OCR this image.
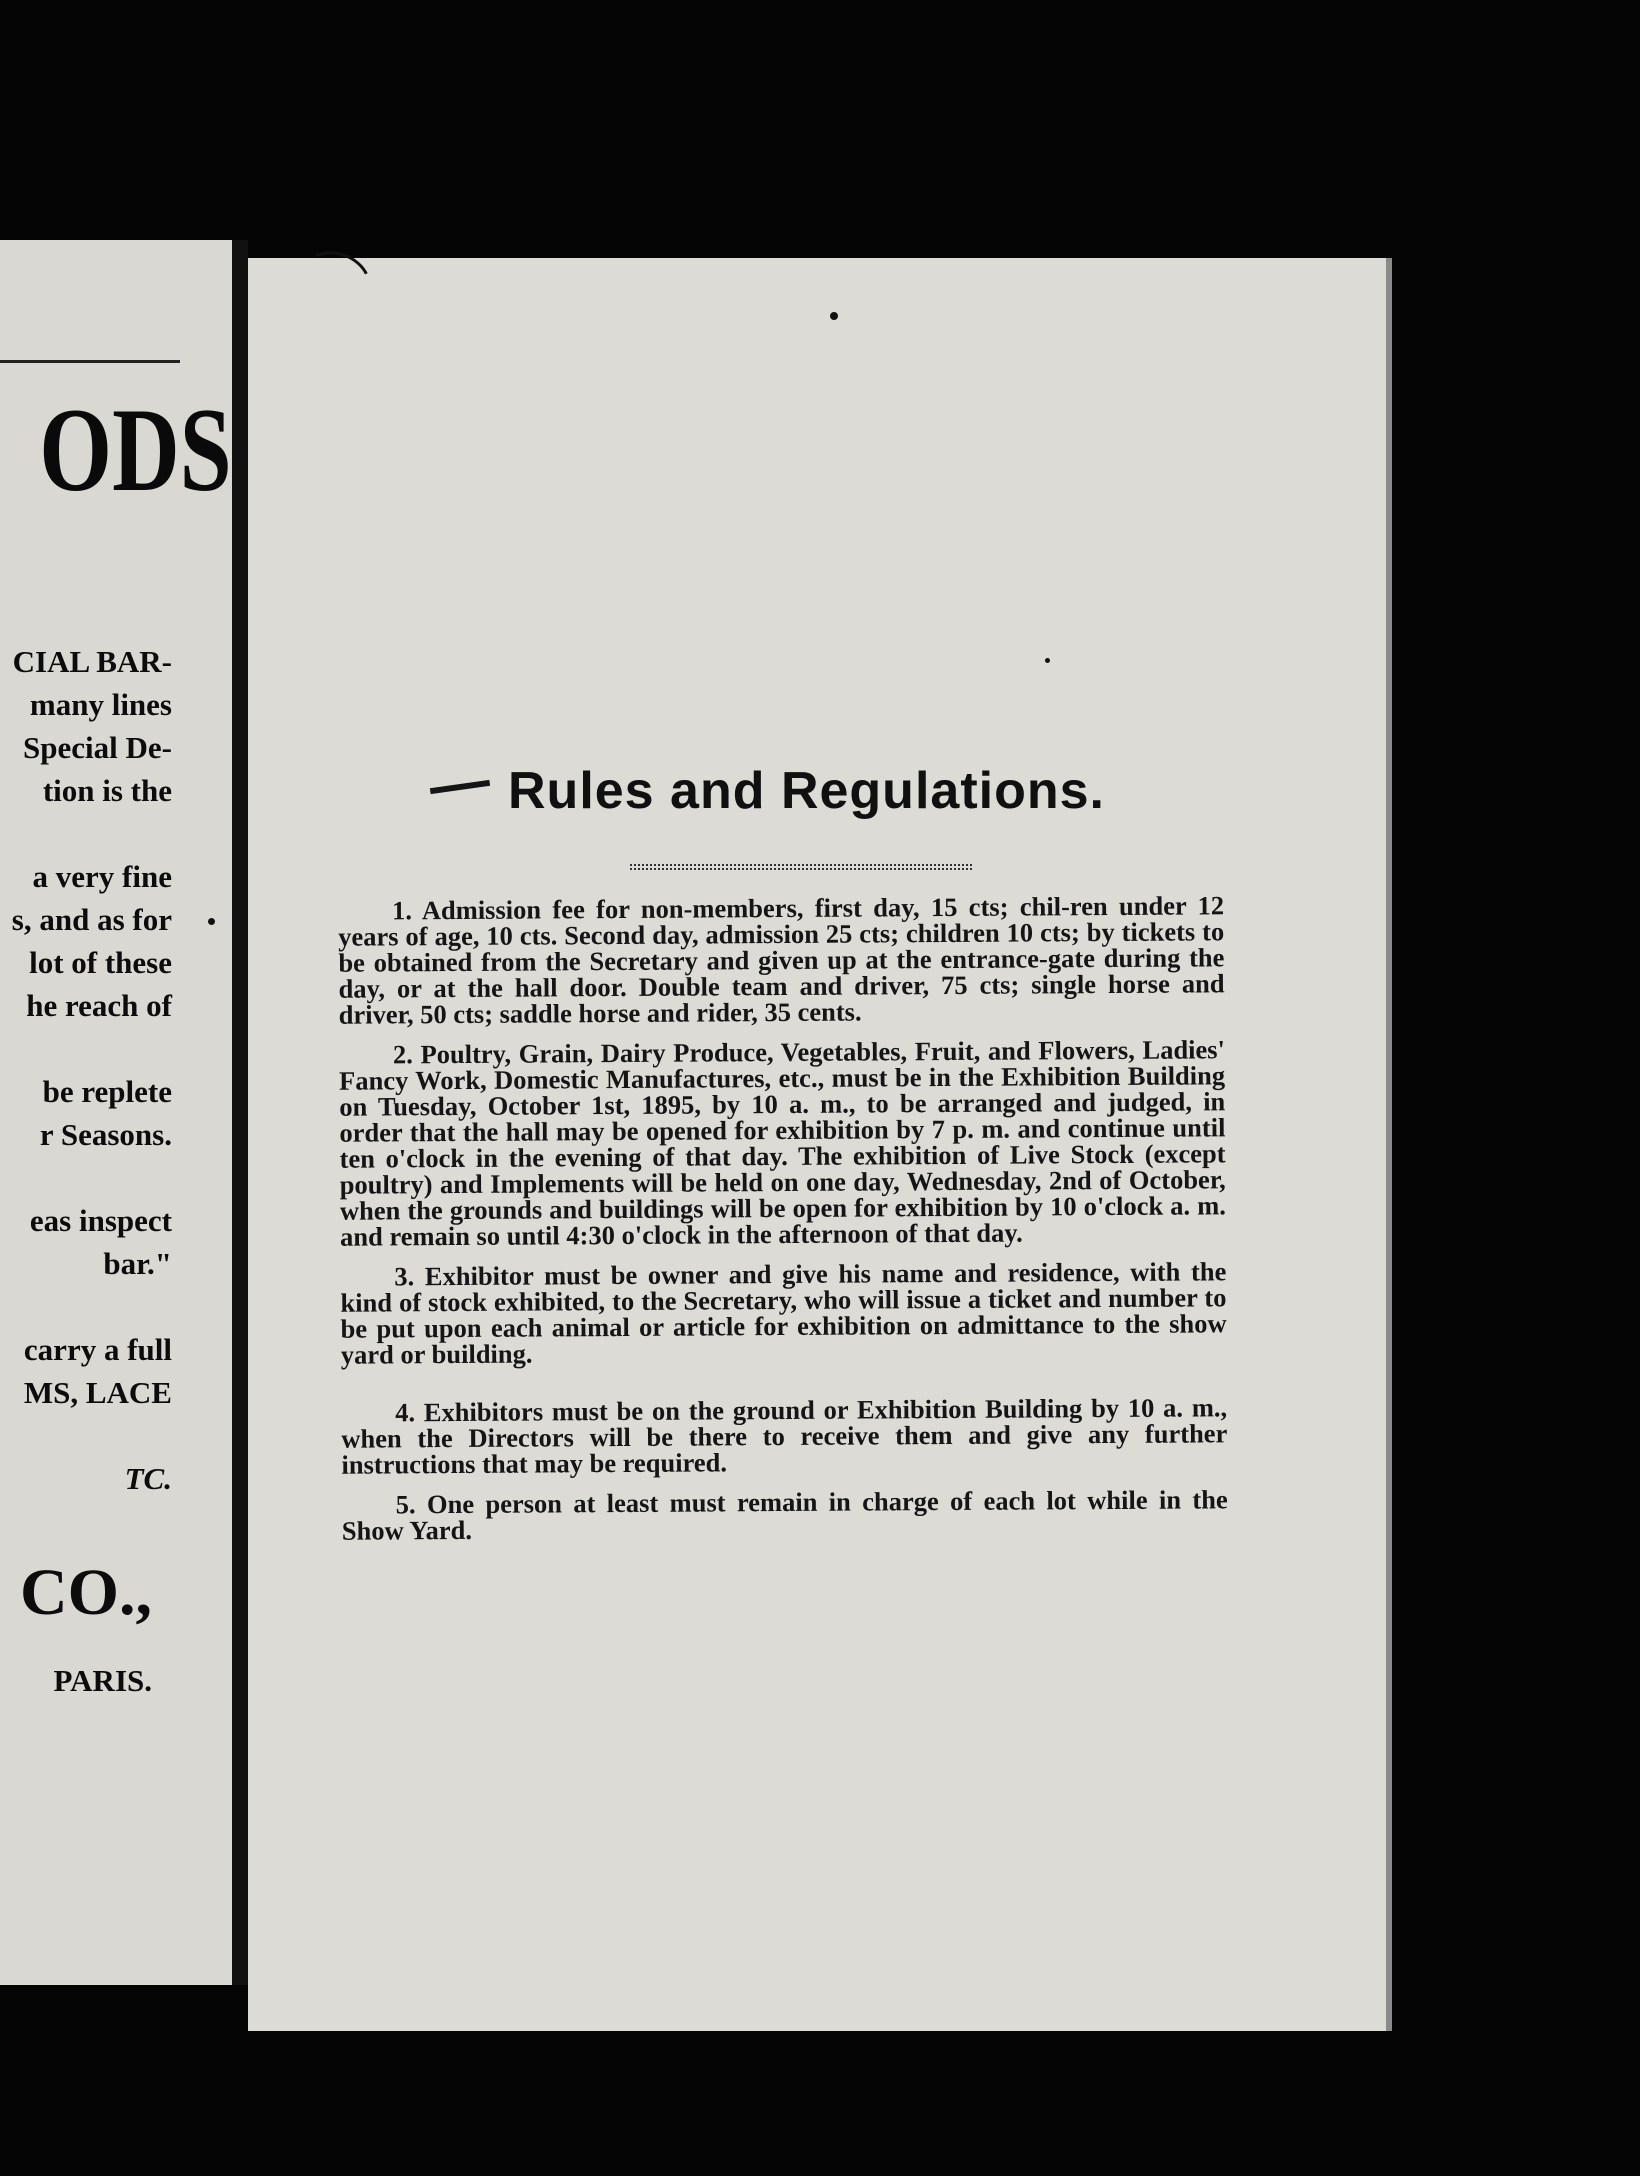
ODS
CIAL BAR-
many lines
Special De-
tion is the

a very fine
s, and as for
lot of these
he reach of
be replete
r Seasons.
eas inspect
bar."
carry a full
MS, LACE
TC.
CO.,
PARIS.
Rules and Regulations.

1. Admission fee for non-members, first day, 15 cts; chil-ren under 12 years of age, 10 cts. Second day, admission 25 cts; children 10 cts; by tickets to be obtained from the Secretary and given up at the entrance-gate during the day, or at the hall door. Double team and driver, 75 cts; single horse and driver, 50 cts; saddle horse and rider, 35 cents.

2. Poultry, Grain, Dairy Produce, Vegetables, Fruit, and Flowers, Ladies' Fancy Work, Domestic Manufactures, etc., must be in the Exhibition Building on Tuesday, October 1st, 1895, by 10 a. m., to be arranged and judged, in order that the hall may be opened for exhibition by 7 p. m. and continue until ten o'clock in the evening of that day. The exhibition of Live Stock (except poultry) and Implements will be held on one day, Wednesday, 2nd of October, when the grounds and buildings will be open for exhibition by 10 o'clock a. m. and remain so until 4:30 o'clock in the afternoon of that day.

3. Exhibitor must be owner and give his name and residence, with the kind of stock exhibited, to the Secretary, who will issue a ticket and number to be put upon each animal or article for exhibition on admittance to the show yard or building.

4. Exhibitors must be on the ground or Exhibition Building by 10 a. m., when the Directors will be there to receive them and give any further instructions that may be required.

5. One person at least must remain in charge of each lot while in the Show Yard.
